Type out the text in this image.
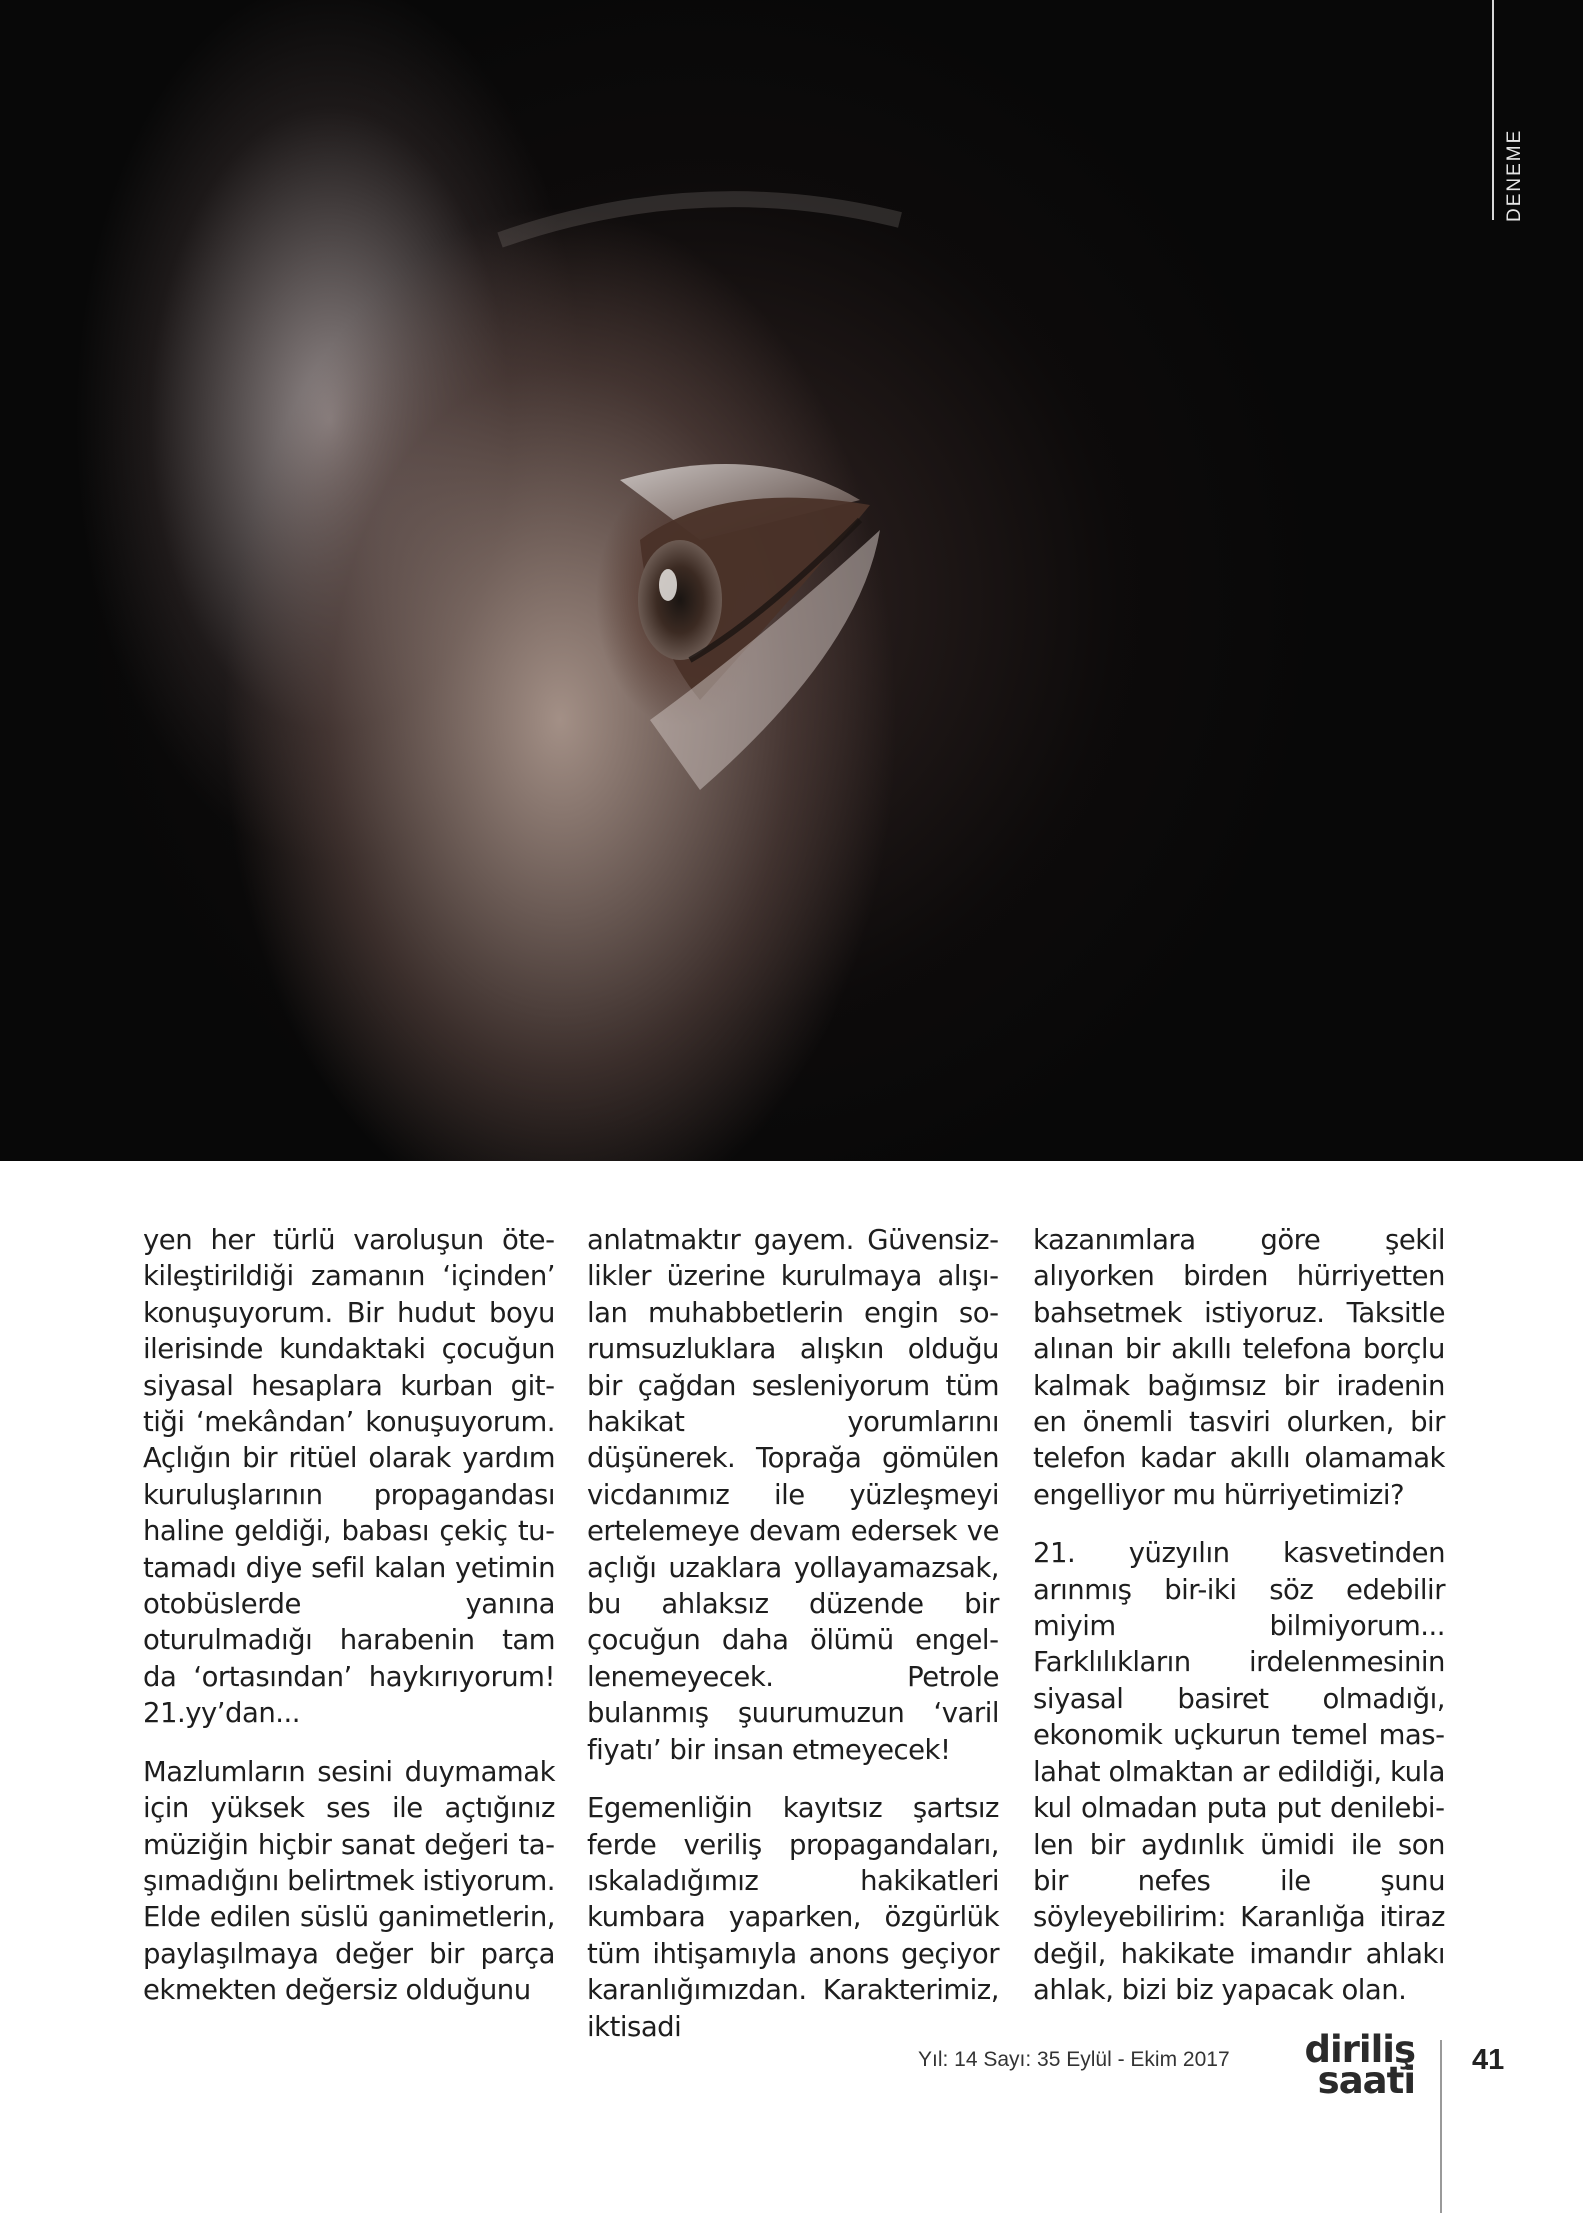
DENEME

yen her türlü varoluşun ötekileştirildiği zamanın ‘içinden’ konuşuyorum. Bir hudut boyu ilerisinde kundaktaki çocuğun siyasal hesaplara kurban gittiği ‘mekândan’ konuşuyorum. Açlığın bir ritüel olarak yardım kuruluşlarının propagandası haline geldiği, babası çekiç tutamadı diye sefil kalan yetimin otobüslerde yanına oturulmadığı harabenin tam da ‘ortasından’ haykırıyorum! 21.yy’dan...

Mazlumların sesini duymamak için yüksek ses ile açtığınız müziğin hiçbir sanat değeri taşımadığını belirtmek istiyorum. Elde edilen süslü ganimetlerin, paylaşılmaya değer bir parça ekmekten değersiz olduğunu

anlatmaktır gayem. Güvensizlikler üzerine kurulmaya alışılan muhabbetlerin engin sorumsuzluklara alışkın olduğu bir çağdan sesleniyorum tüm hakikat yorumlarını düşünerek. Toprağa gömülen vicdanımız ile yüzleşmeyi ertelemeye devam edersek ve açlığı uzaklara yollayamazsak, bu ahlaksız düzende bir çocuğun daha ölümü engellenemeyecek. Petrole bulanmış şuurumuzun ‘varil fiyatı’ bir insan etmeyecek!

Egemenliğin kayıtsız şartsız ferde veriliş propagandaları, ıskaladığımız hakikatleri kumbara yaparken, özgürlük tüm ihtişamıyla anons geçiyor karanlığımızdan. Karakterimiz, iktisadi

kazanımlara göre şekil alıyorken birden hürriyetten bahsetmek istiyoruz. Taksitle alınan bir akıllı telefona borçlu kalmak bağımsız bir iradenin en önemli tasviri olurken, bir telefon kadar akıllı olamamak engelliyor mu hürriyetimizi?

21. yüzyılın kasvetinden arınmış bir-iki söz edebilir miyim bilmiyorum... Farklılıkların irdelenmesinin siyasal basiret olmadığı, ekonomik uçkurun temel maslahat olmaktan ar edildiği, kula kul olmadan puta put denilebilen bir aydınlık ümidi ile son bir nefes ile şunu söyleyebilirim: Karanlığa itiraz değil, hakikate imandır ahlakı ahlak, bizi biz yapacak olan.

Yıl: 14 Sayı: 35 Eylül - Ekim 2017	diriliş
saati 41
